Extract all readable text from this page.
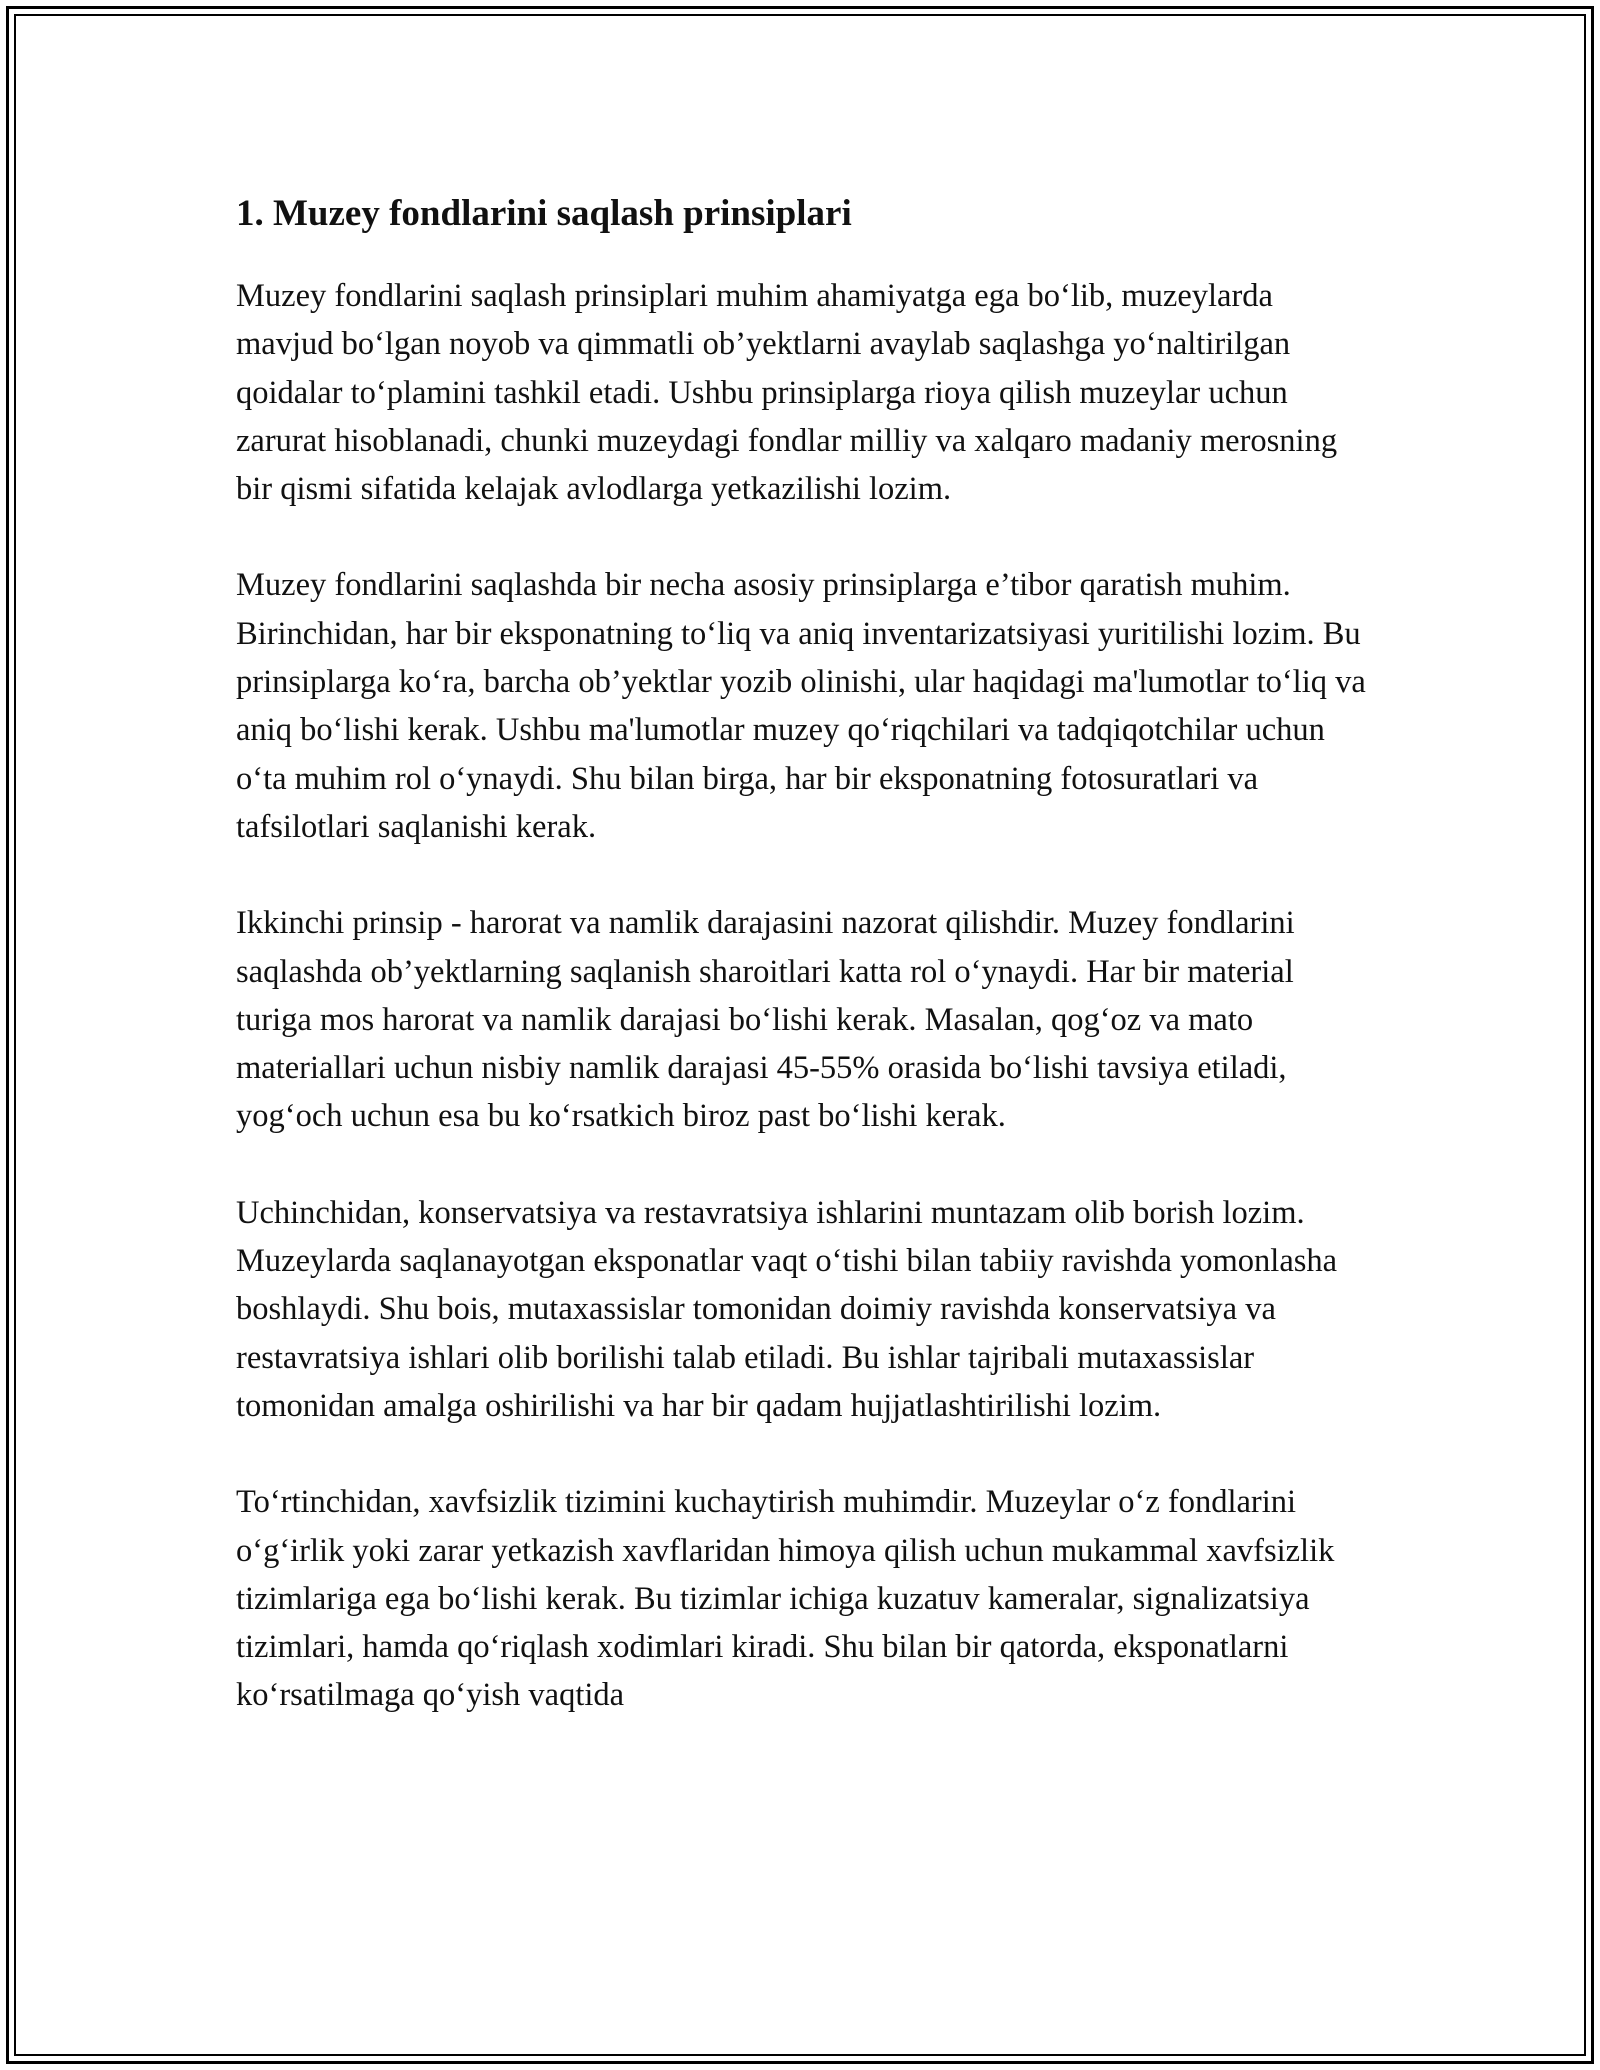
1. Muzey fondlarini saqlash prinsiplari

Muzey fondlarini saqlash prinsiplari muhim ahamiyatga ega bo‘lib, muzeylarda mavjud bo‘lgan noyob va qimmatli ob’yektlarni avaylab saqlashga yo‘naltirilgan qoidalar to‘plamini tashkil etadi. Ushbu prinsiplarga rioya qilish muzeylar uchun zarurat hisoblanadi, chunki muzeydagi fondlar milliy va xalqaro madaniy merosning bir qismi sifatida kelajak avlodlarga yetkazilishi lozim.

Muzey fondlarini saqlashda bir necha asosiy prinsiplarga e’tibor qaratish muhim. Birinchidan, har bir eksponatning to‘liq va aniq inventarizatsiyasi yuritilishi lozim. Bu prinsiplarga ko‘ra, barcha ob’yektlar yozib olinishi, ular haqidagi ma'lumotlar to‘liq va aniq bo‘lishi kerak. Ushbu ma'lumotlar muzey qo‘riqchilari va tadqiqotchilar uchun o‘ta muhim rol o‘ynaydi. Shu bilan birga, har bir eksponatning fotosuratlari va tafsilotlari saqlanishi kerak.

Ikkinchi prinsip - harorat va namlik darajasini nazorat qilishdir. Muzey fondlarini saqlashda ob’yektlarning saqlanish sharoitlari katta rol o‘ynaydi. Har bir material turiga mos harorat va namlik darajasi bo‘lishi kerak. Masalan, qog‘oz va mato materiallari uchun nisbiy namlik darajasi 45-55% orasida bo‘lishi tavsiya etiladi, yog‘och uchun esa bu ko‘rsatkich biroz past bo‘lishi kerak.

Uchinchidan, konservatsiya va restavratsiya ishlarini muntazam olib borish lozim. Muzeylarda saqlanayotgan eksponatlar vaqt o‘tishi bilan tabiiy ravishda yomonlasha boshlaydi. Shu bois, mutaxassislar tomonidan doimiy ravishda konservatsiya va restavratsiya ishlari olib borilishi talab etiladi. Bu ishlar tajribali mutaxassislar tomonidan amalga oshirilishi va har bir qadam hujjatlashtirilishi lozim.

To‘rtinchidan, xavfsizlik tizimini kuchaytirish muhimdir. Muzeylar o‘z fondlarini o‘g‘irlik yoki zarar yetkazish xavflaridan himoya qilish uchun mukammal xavfsizlik tizimlariga ega bo‘lishi kerak. Bu tizimlar ichiga kuzatuv kameralar, signalizatsiya tizimlari, hamda qo‘riqlash xodimlari kiradi. Shu bilan bir qatorda, eksponatlarni ko‘rsatilmaga qo‘yish vaqtida
